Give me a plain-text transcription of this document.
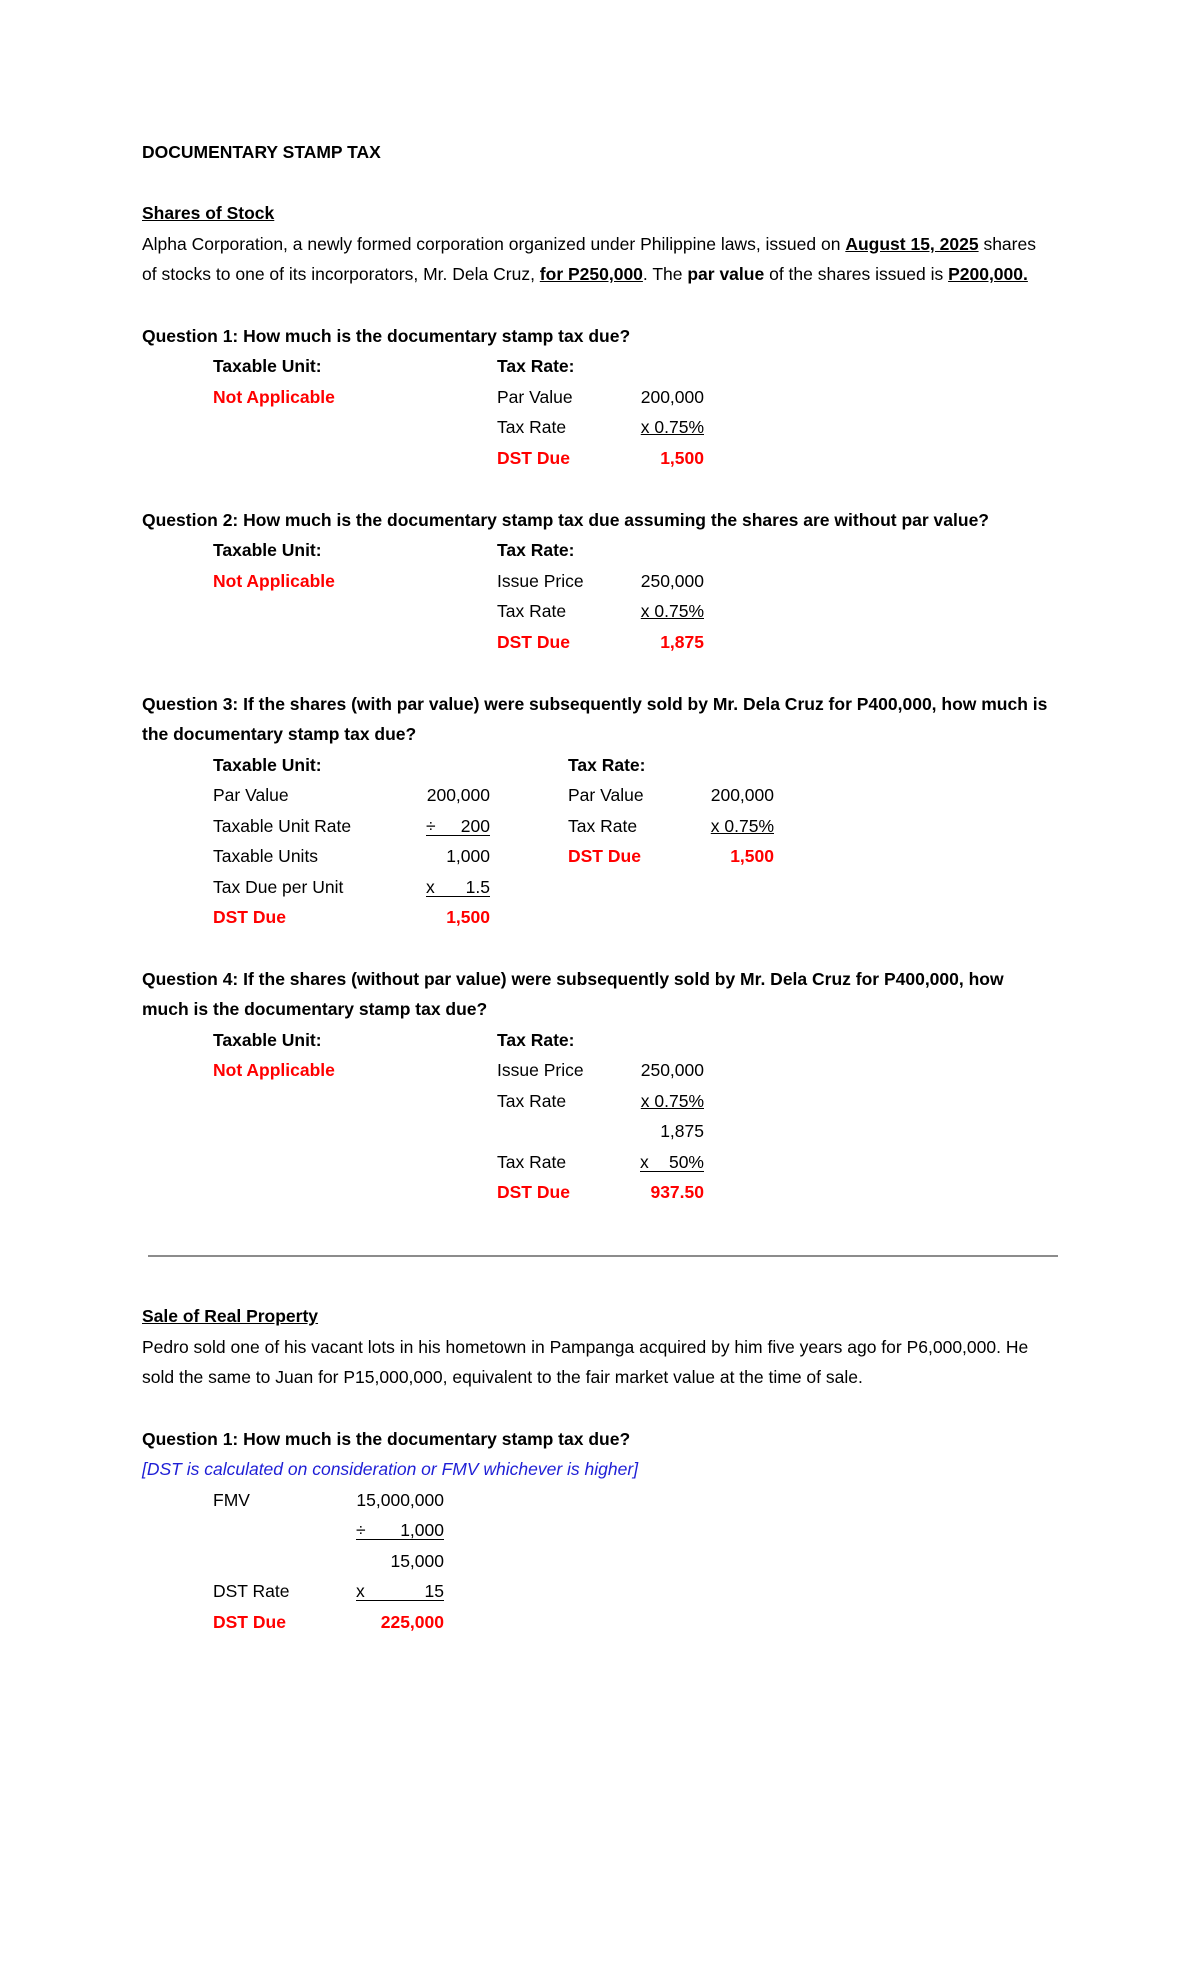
DOCUMENTARY STAMP TAX
Shares of Stock
Alpha Corporation, a newly formed corporation organized under Philippine laws, issued on August 15, 2025 shares
of stocks to one of its incorporators, Mr. Dela Cruz, for P250,000. The par value of the shares issued is P200,000.
Question 1: How much is the documentary stamp tax due?
Taxable Unit:
Not Applicable
Tax Rate:
Par Value	200,000
Tax Rate	x 0.75%
DST Due	1,500
Question 2: How much is the documentary stamp tax due assuming the shares are without par value?
Taxable Unit:
Not Applicable
Tax Rate:
Issue Price	250,000
Tax Rate	x 0.75%
DST Due	1,875
Question 3: If the shares (with par value) were subsequently sold by Mr. Dela Cruz for P400,000, how much is
the documentary stamp tax due?
Taxable Unit:
Par Value	200,000
Taxable Unit Rate	÷	200
Taxable Units	1,000
Tax Due per Unit	x	1.5
DST Due	1,500
Tax Rate:
Par Value	200,000
Tax Rate	x 0.75%
DST Due	1,500
Question 4: If the shares (without par value) were subsequently sold by Mr. Dela Cruz for P400,000, how
much is the documentary stamp tax due?
Taxable Unit:
Not Applicable
Tax Rate:
Issue Price	250,000
Tax Rate	x 0.75%
1,875
Tax Rate	x	50%
DST Due	937.50
Sale of Real Property
Pedro sold one of his vacant lots in his hometown in Pampanga acquired by him five years ago for P6,000,000. He
sold the same to Juan for P15,000,000, equivalent to the fair market value at the time of sale.
Question 1: How much is the documentary stamp tax due?
[DST is calculated on consideration or FMV whichever is higher]
FMV	15,000,000
÷	1,000
15,000
DST Rate	x	15
DST Due	225,000
